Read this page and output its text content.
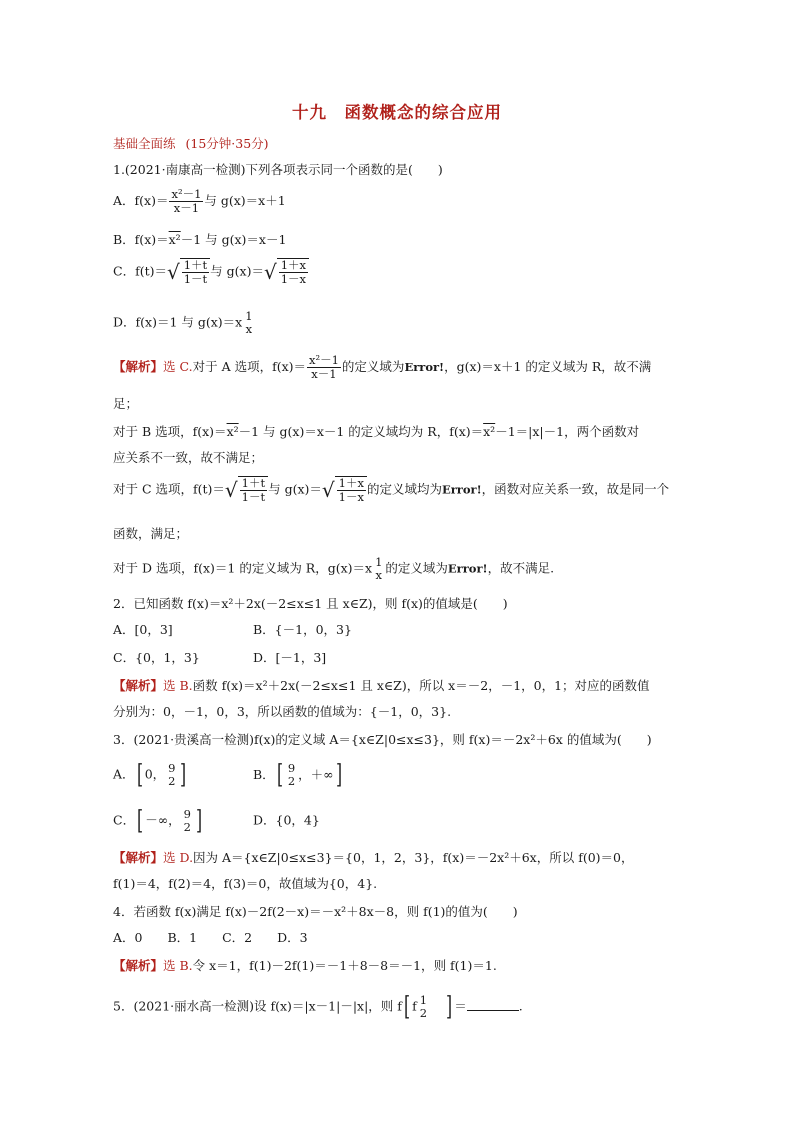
十九　函数概念的综合应用
基础全面练 (15分钟·35分)
1.(2021·南康高一检测)下列各项表示同一个函数的是(　　)
A．$f(x)= \frac{\text{x²－1}}{x-1}$ 与 g(x)＝x＋1
B．f(x)＝x²－1 与 g(x)＝x－1
C．$f(t)=√ \frac{1+t}{1-t}$ 与 $g(x)=√ \frac{1+x}{1-x}$
D．f(x)＝1 与 g(x)＝x 1
x
【解析】选 C.对于 A 选项，$f(x)= \frac{\text{x²－1}}{x-1}$ 的定义域为Error!，g(x)＝x＋1 的定义域为 R，故不满
足；
对于 B 选项，f(x)＝x²－1 与 g(x)＝x－1 的定义域均为 R，f(x)＝x²－1＝|x|－1，两个函数对
应关系不一致，故不满足；
对于 C 选项，$f(t)=√ \frac{1+t}{1-t}$ 与 $g(x)=√ \frac{1+x}{1-x}$ 的定义域均为Error!，函数对应关系一致，故是同一个
函数，满足；
对于 D 选项，f(x)＝1 的定义域为 R，g(x)＝x 1
x 的定义域为Error!，故不满足.
2．已知函数 f(x)＝x²＋2x(－2≤x≤1 且 x∈Z)，则 f(x)的值域是(　　)
A．[0，3]	B．{－1，0，3}
C．{0，1，3}	D．[－1，3]
【解析】选 B.函数 f(x)＝x²＋2x(－2≤x≤1 且 x∈Z)，所以 x＝－2，－1，0，1；对应的函数值
分别为：0，－1，0，3，所以函数的值域为：{－1，0，3}.
3．(2021·贵溪高一检测)f(x)的定义域 A＝{x∈Z|0≤x≤3}，则 f(x)＝－2x²＋6x 的值域为(　　)
A．[ 0， 9
2 ]	B．[ 9
2 ，＋∞]
C．[ －∞， 9
2 ]	D．{0，4}
【解析】选 D.因为 A＝{x∈Z|0≤x≤3}＝{0，1，2，3}，f(x)＝－2x²＋6x，所以 f(0)＝0，
f(1)＝4，f(2)＝4，f(3)＝0，故值域为{0，4}.
4．若函数 f(x)满足 f(x)－2f(2－x)＝－x²＋8x－8，则 f(1)的值为(　　)
A．0　　B．1　　C．2　　D．3
【解析】选 B.令 x＝1，f(1)－2f(1)＝－1＋8－8＝－1，则 f(1)＝1.
5．(2021·丽水高一检测)设 f(x)＝|x－1|－|x|，则 f[ f 1
2 ] ＝	.
